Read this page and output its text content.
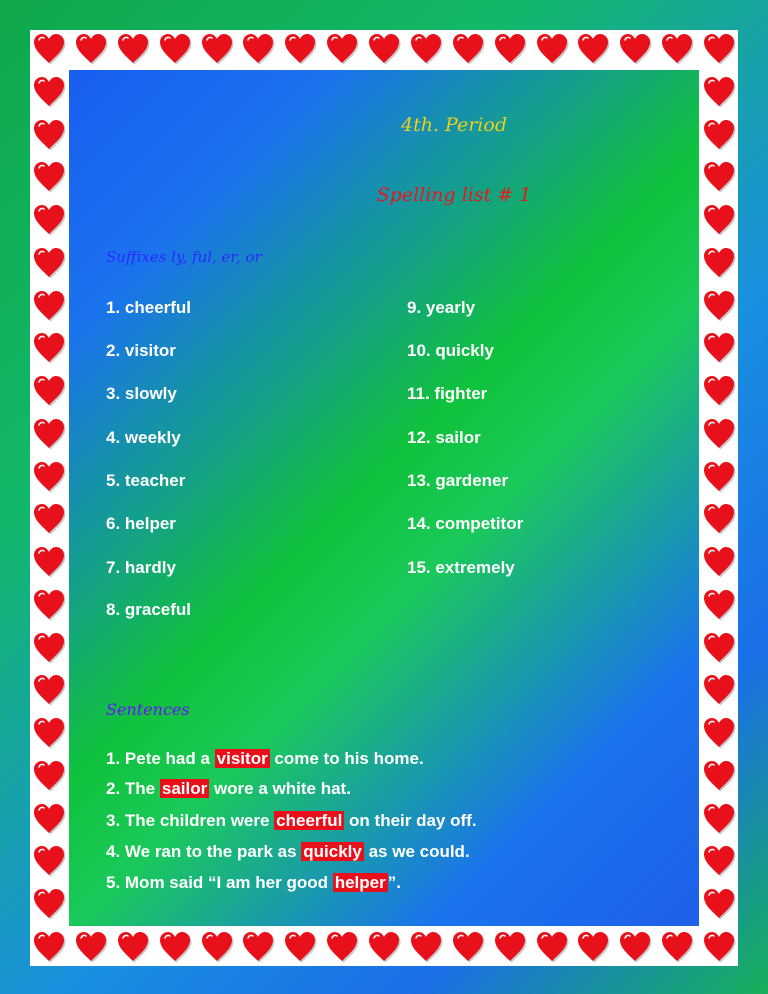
4th. Period
Spelling list # 1
Suffixes ly, ful, er, or
1. cheerful
2. visitor
3. slowly
4. weekly
5. teacher
6. helper
7. hardly
8. graceful
9. yearly
10. quickly
11. fighter
12. sailor
13. gardener
14. competitor
15. extremely
Sentences
1. Pete had a visitor come to his home.
2. The sailor wore a white hat.
3. The children were cheerful on their day off.
4. We ran to the park as quickly as we could.
5. Mom said “I am her good helper ”.
